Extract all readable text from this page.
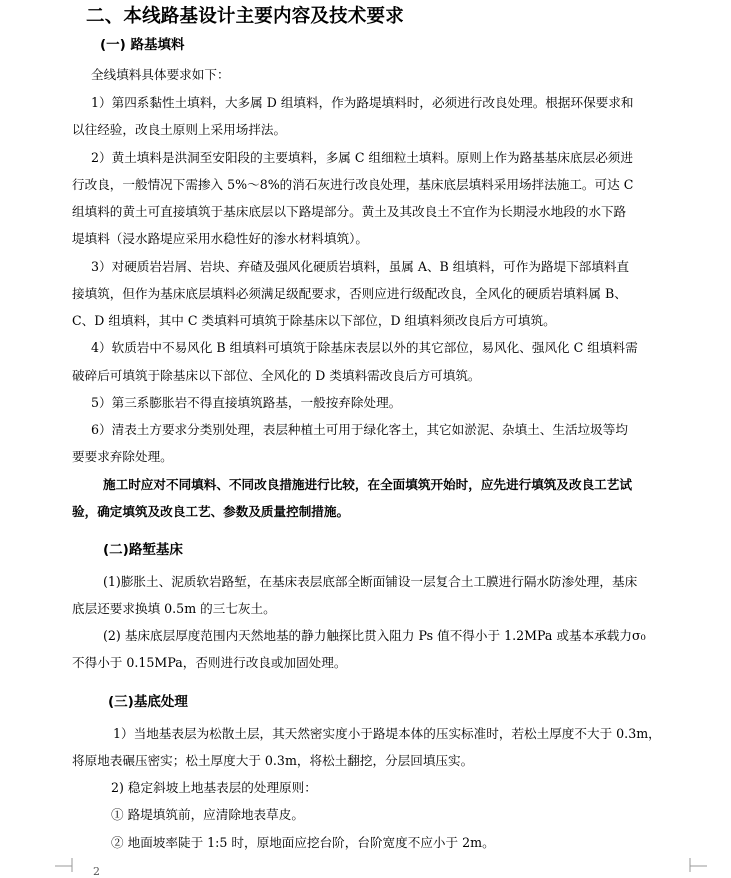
二、本线路基设计主要内容及技术要求
(一) 路基填料
全线填料具体要求如下：
1）第四系黏性土填料，大多属 D 组填料，作为路堤填料时，必须进行改良处理。根据环保要求和
以往经验，改良土原则上采用场拌法。
2）黄土填料是洪洞至安阳段的主要填料，多属 C 组细粒土填料。原则上作为路基基床底层必须进
行改良，一般情况下需掺入 5%～8%的消石灰进行改良处理，基床底层填料采用场拌法施工。可达 C
组填料的黄土可直接填筑于基床底层以下路堤部分。黄土及其改良土不宜作为长期浸水地段的水下路
堤填料（浸水路堤应采用水稳性好的渗水材料填筑）。
3）对硬质岩岩屑、岩块、弃碴及强风化硬质岩填料，虽属 A、B 组填料，可作为路堤下部填料直
接填筑，但作为基床底层填料必须满足级配要求，否则应进行级配改良，全风化的硬质岩填料属 B、
C、D 组填料，其中 C 类填料可填筑于除基床以下部位，D 组填料须改良后方可填筑。
4）软质岩中不易风化 B 组填料可填筑于除基床表层以外的其它部位，易风化、强风化 C 组填料需
破碎后可填筑于除基床以下部位、全风化的 D 类填料需改良后方可填筑。
5）第三系膨胀岩不得直接填筑路基，一般按弃除处理。
6）清表土方要求分类别处理，表层种植土可用于绿化客土，其它如淤泥、杂填土、生活垃圾等均
要要求弃除处理。
施工时应对不同填料、不同改良措施进行比较，在全面填筑开始时，应先进行填筑及改良工艺试
验，确定填筑及改良工艺、参数及质量控制措施。
(二)路堑基床
(1)膨胀土、泥质软岩路堑，在基床表层底部全断面铺设一层复合土工膜进行隔水防渗处理，基床
底层还要求换填 0.5m 的三七灰土。
(2) 基床底层厚度范围内天然地基的静力触探比贯入阻力 Ps 值不得小于 1.2MPa 或基本承载力σ₀
不得小于 0.15MPa，否则进行改良或加固处理。
(三)基底处理
1）当地基表层为松散土层，其天然密实度小于路堤本体的压实标准时，若松土厚度不大于 0.3m，
将原地表碾压密实；松土厚度大于 0.3m，将松土翻挖，分层回填压实。
2) 稳定斜坡上地基表层的处理原则：
① 路堤填筑前，应清除地表草皮。
② 地面坡率陡于 1:5 时，原地面应挖台阶，台阶宽度不应小于 2m。
2
